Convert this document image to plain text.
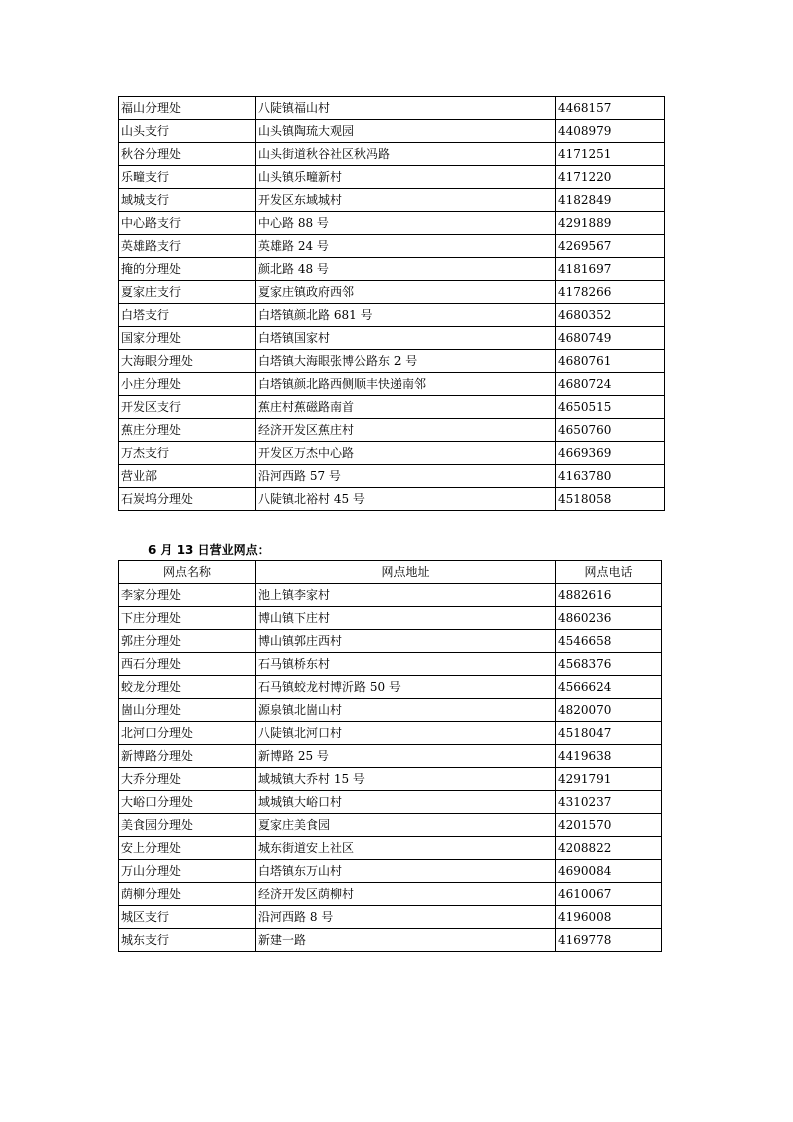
福山分理处	八陡镇福山村	4468157
山头支行	山头镇陶琉大观园	4408979
秋谷分理处	山头街道秋谷社区秋冯路	4171251
乐疃支行	山头镇乐疃新村	4171220
域城支行	开发区东域城村	4182849
中心路支行	中心路 88 号	4291889
英雄路支行	英雄路 24 号	4269567
掩的分理处	颜北路 48 号	4181697
夏家庄支行	夏家庄镇政府西邻	4178266
白塔支行	白塔镇颜北路 681 号	4680352
国家分理处	白塔镇国家村	4680749
大海眼分理处	白塔镇大海眼张博公路东 2 号	4680761
小庄分理处	白塔镇颜北路西侧顺丰快递南邻	4680724
开发区支行	蕉庄村蕉磁路南首	4650515
蕉庄分理处	经济开发区蕉庄村	4650760
万杰支行	开发区万杰中心路	4669369
营业部	沿河西路 57 号	4163780
石炭坞分理处	八陡镇北裕村 45 号	4518058
6 月 13 日营业网点：
网点名称	网点地址	网点电话
李家分理处	池上镇李家村	4882616
下庄分理处	博山镇下庄村	4860236
郭庄分理处	博山镇郭庄西村	4546658
西石分理处	石马镇桥东村	4568376
蛟龙分理处	石马镇蛟龙村博沂路 50 号	4566624
崮山分理处	源泉镇北崮山村	4820070
北河口分理处	八陡镇北河口村	4518047
新博路分理处	新博路 25 号	4419638
大乔分理处	域城镇大乔村 15 号	4291791
大峪口分理处	域城镇大峪口村	4310237
美食园分理处	夏家庄美食园	4201570
安上分理处	城东街道安上社区	4208822
万山分理处	白塔镇东万山村	4690084
荫柳分理处	经济开发区荫柳村	4610067
城区支行	沿河西路 8 号	4196008
城东支行	新建一路	4169778
